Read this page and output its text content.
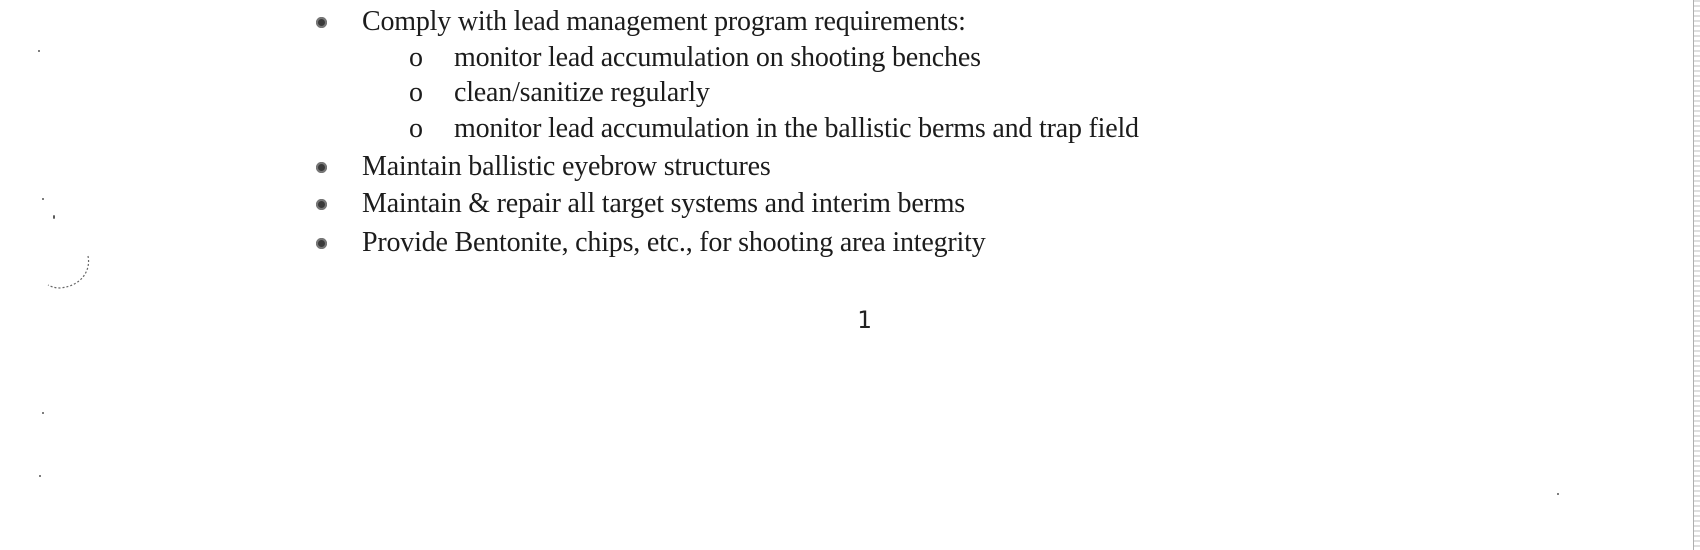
Comply with lead management program requirements:
o monitor lead accumulation on shooting benches
o clean/sanitize regularly
o monitor lead accumulation in the ballistic berms and trap field
Maintain ballistic eyebrow structures
Maintain & repair all target systems and interim berms
Provide Bentonite, chips, etc., for shooting area integrity
1
